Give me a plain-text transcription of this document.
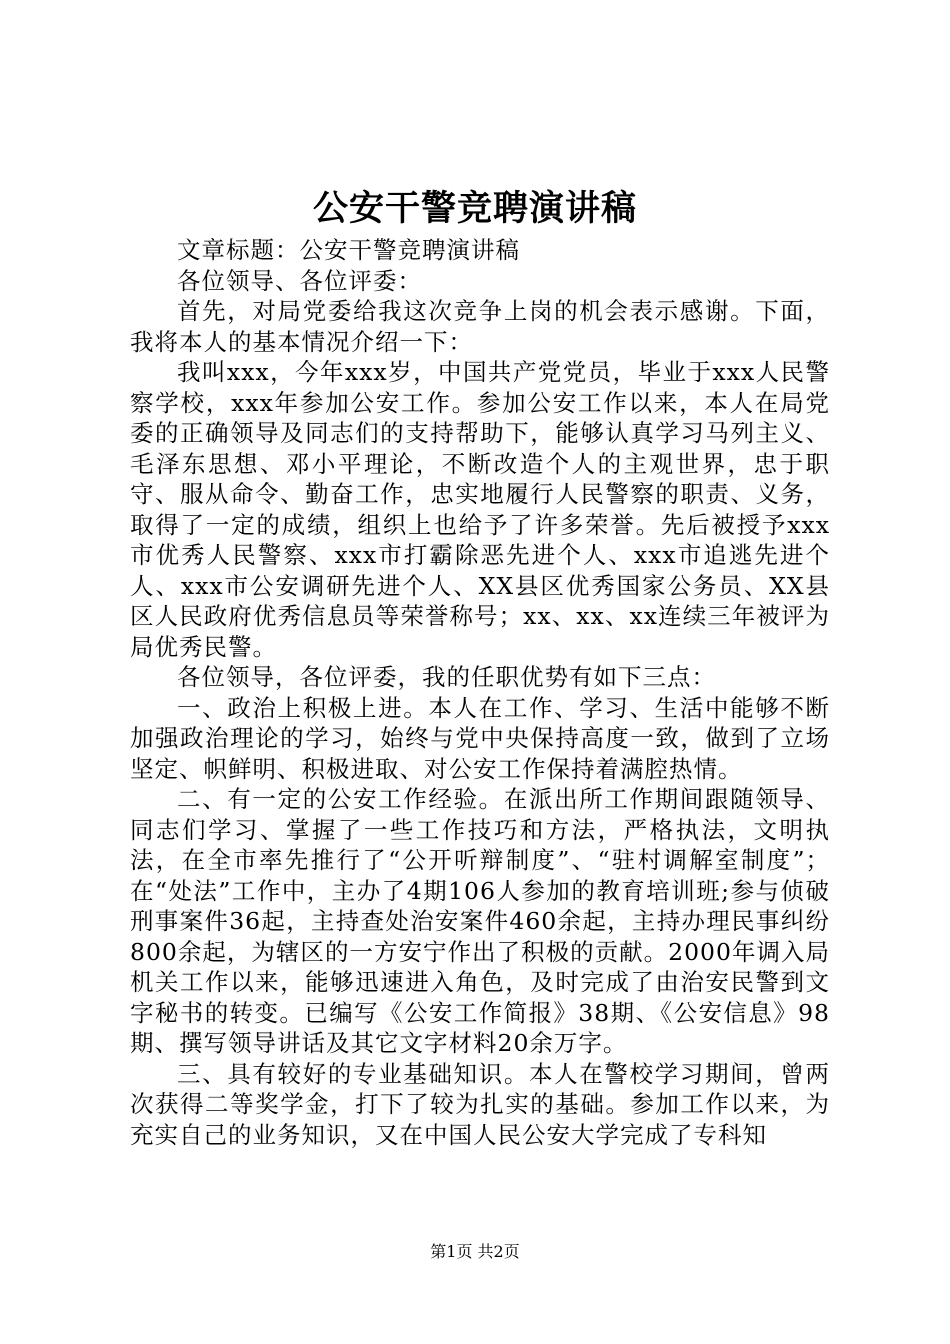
公安干警竞聘演讲稿

文章标题：公安干警竞聘演讲稿

各位领导、各位评委：

首先，对局党委给我这次竞争上岗的机会表示感谢。下面，我将本人的基本情况介绍一下：

我叫xxx，今年xxx岁，中国共产党党员，毕业于xxx人民警察学校，xxx年参加公安工作。参加公安工作以来，本人在局党委的正确领导及同志们的支持帮助下，能够认真学习马列主义、毛泽东思想、邓小平理论，不断改造个人的主观世界，忠于职守、服从命令、勤奋工作，忠实地履行人民警察的职责、义务，取得了一定的成绩，组织上也给予了许多荣誉。先后被授予xxx市优秀人民警察、xxx市打霸除恶先进个人、xxx市追逃先进个人、xxx市公安调研先进个人、XX县区优秀国家公务员、XX县区人民政府优秀信息员等荣誉称号；xx、xx、xx连续三年被评为局优秀民警。

各位领导，各位评委，我的任职优势有如下三点：

一、政治上积极上进。本人在工作、学习、生活中能够不断加强政治理论的学习，始终与党中央保持高度一致，做到了立场坚定、帜鲜明、积极进取、对公安工作保持着满腔热情。

二、有一定的公安工作经验。在派出所工作期间跟随领导、同志们学习、掌握了一些工作技巧和方法，严格执法，文明执法，在全市率先推行了“公开听辩制度”、“驻村调解室制度”；在“处法”工作中，主办了4期106人参加的教育培训班;参与侦破刑事案件36起，主持查处治安案件460余起，主持办理民事纠纷800余起，为辖区的一方安宁作出了积极的贡献。2000年调入局机关工作以来，能够迅速进入角色，及时完成了由治安民警到文字秘书的转变。已编写《公安工作简报》38期、《公安信息》98期、撰写领导讲话及其它文字材料20余万字。

三、具有较好的专业基础知识。本人在警校学习期间，曾两次获得二等奖学金，打下了较为扎实的基础。参加工作以来，为充实自己的业务知识，又在中国人民公安大学完成了专科知

第1页 共2页
